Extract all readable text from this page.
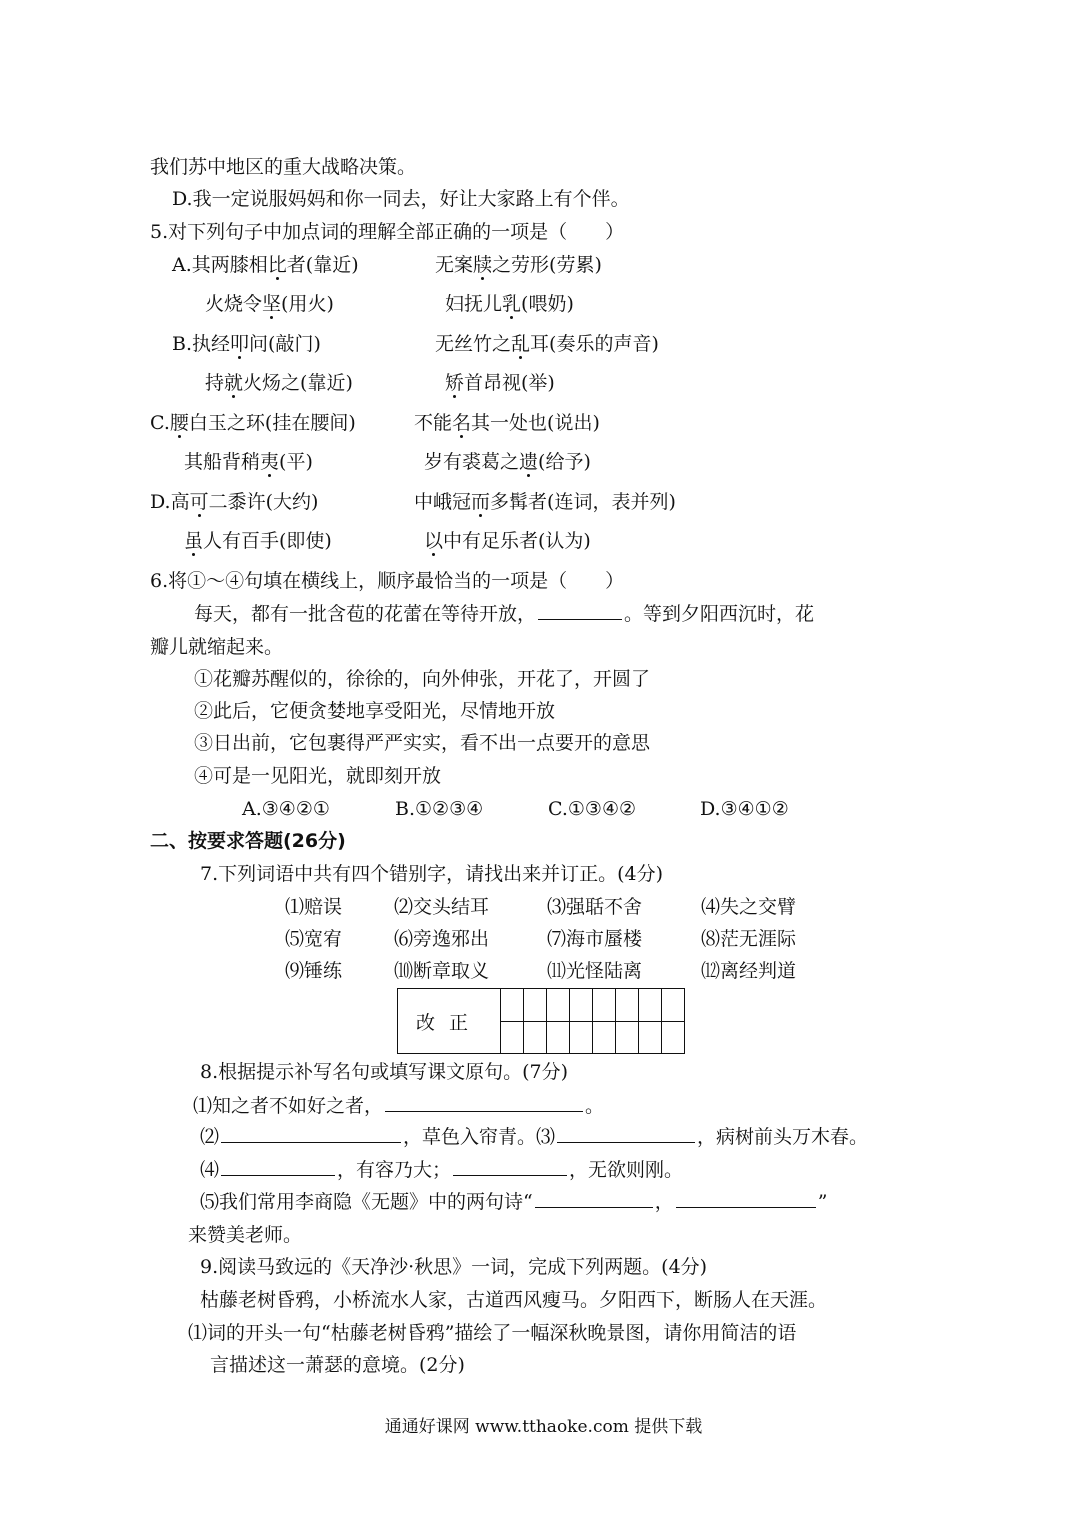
我们苏中地区的重大战略决策。
D.我一定说服妈妈和你一同去，好让大家路上有个伴。
5.对下列句子中加点词的理解全部正确的一项是（　　）
A.其两膝相比者(靠近)	无案牍之劳形(劳累)
火烧令坚(用火)	妇抚儿乳(喂奶)
B.执经叩问(敲门)	无丝竹之乱耳(奏乐的声音)
持就火炀之(靠近)	矫首昂视(举)
C.腰白玉之环(挂在腰间)	不能名其一处也(说出)
其船背稍夷(平)	岁有裘葛之遗(给予)
D.高可二黍许(大约)	中峨冠而多髯者(连词，表并列)
虽人有百手(即使)	以中有足乐者(认为)
6.将①～④句填在横线上，顺序最恰当的一项是（　　）
每天，都有一批含苞的花蕾在等待开放，	。等到夕阳西沉时，花
瓣儿就缩起来。
①花瓣苏醒似的，徐徐的，向外伸张，开花了，开圆了
②此后，它便贪婪地享受阳光，尽情地开放
③日出前，它包裹得严严实实，看不出一点要开的意思
④可是一见阳光，就即刻开放
A.③④②①	B.①②③④	C.①③④②	D.③④①②
二、按要求答题(26分)
7.下列词语中共有四个错别字，请找出来并订正。(4分)
⑴赔误	⑵交头结耳	⑶强聒不舍	⑷失之交臂
⑸宽宥	⑹旁逸邪出	⑺海市蜃楼	⑻茫无涯际
⑼锤练	⑽断章取义	⑾光怪陆离	⑿离经判道
改正								

8.根据提示补写名句或填写课文原句。(7分)
⑴知之者不如好之者，	。
⑵	，草色入帘青。⑶	，病树前头万木春。
⑷	，有容乃大；	，无欲则刚。
⑸我们常用李商隐《无题》中的两句诗“	，	”
来赞美老师。
9.阅读马致远的《天净沙·秋思》一词，完成下列两题。(4分)
枯藤老树昏鸦，小桥流水人家，古道西风瘦马。夕阳西下，断肠人在天涯。
⑴词的开头一句“枯藤老树昏鸦”描绘了一幅深秋晚景图，请你用简洁的语
言描述这一萧瑟的意境。(2分)
通通好课网 www.tthaoke.com 提供下载
